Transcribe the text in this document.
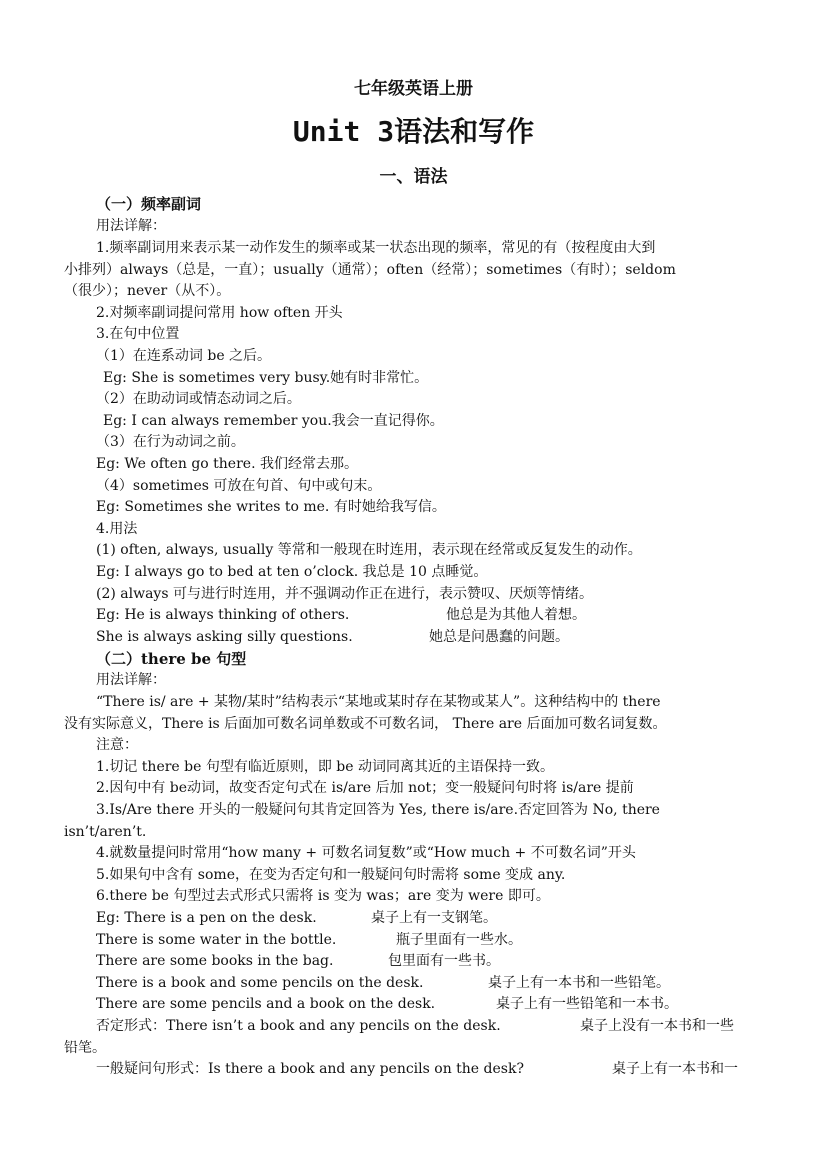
七年级英语上册
Unit 3语法和写作
一、语法
（一）频率副词
用法详解：
1.频率副词用来表示某一动作发生的频率或某一状态出现的频率，常见的有（按程度由大到
小排列）always（总是，一直）；usually（通常）；often（经常）；sometimes（有时）；seldom
（很少）；never（从不）。
2.对频率副词提问常用 how often 开头
3.在句中位置
（1）在连系动词 be 之后。
Eg: She is sometimes very busy.她有时非常忙。
（2）在助动词或情态动词之后。
Eg: I can always remember you.我会一直记得你。
（3）在行为动词之前。
Eg: We often go there. 我们经常去那。
（4）sometimes 可放在句首、句中或句末。
Eg: Sometimes she writes to me. 有时她给我写信。
4.用法
(1) often, always, usually 等常和一般现在时连用，表示现在经常或反复发生的动作。
Eg: I always go to bed at ten o’clock. 我总是 10 点睡觉。
(2) always 可与进行时连用，并不强调动作正在进行，表示赞叹、厌烦等情绪。
Eg: He is always thinking of others.	他总是为其他人着想。
She is always asking silly questions.	她总是问愚蠢的问题。
（二）there be 句型
用法详解：
“There is/ are + 某物/某时”结构表示“某地或某时存在某物或某人”。这种结构中的 there
没有实际意义，There is 后面加可数名词单数或不可数名词， There are 后面加可数名词复数。
注意：
1.切记 there be 句型有临近原则，即 be 动词同离其近的主语保持一致。
2.因句中有 be动词，故变否定句式在 is/are 后加 not；变一般疑问句时将 is/are 提前
3.Is/Are there 开头的一般疑问句其肯定回答为 Yes, there is/are.否定回答为 No, there
isn’t/aren’t.
4.就数量提问时常用“how many + 可数名词复数”或“How much + 不可数名词”开头
5.如果句中含有 some，在变为否定句和一般疑问句时需将 some 变成 any.
6.there be 句型过去式形式只需将 is 变为 was；are 变为 were 即可。
Eg: There is a pen on the desk.	桌子上有一支钢笔。
There is some water in the bottle.	瓶子里面有一些水。
There are some books in the bag.	包里面有一些书。
There is a book and some pencils on the desk.	桌子上有一本书和一些铅笔。
There are some pencils and a book on the desk.	桌子上有一些铅笔和一本书。
否定形式：There isn’t a book and any pencils on the desk.	桌子上没有一本书和一些
铅笔。
一般疑问句形式：Is there a book and any pencils on the desk?	桌子上有一本书和一
